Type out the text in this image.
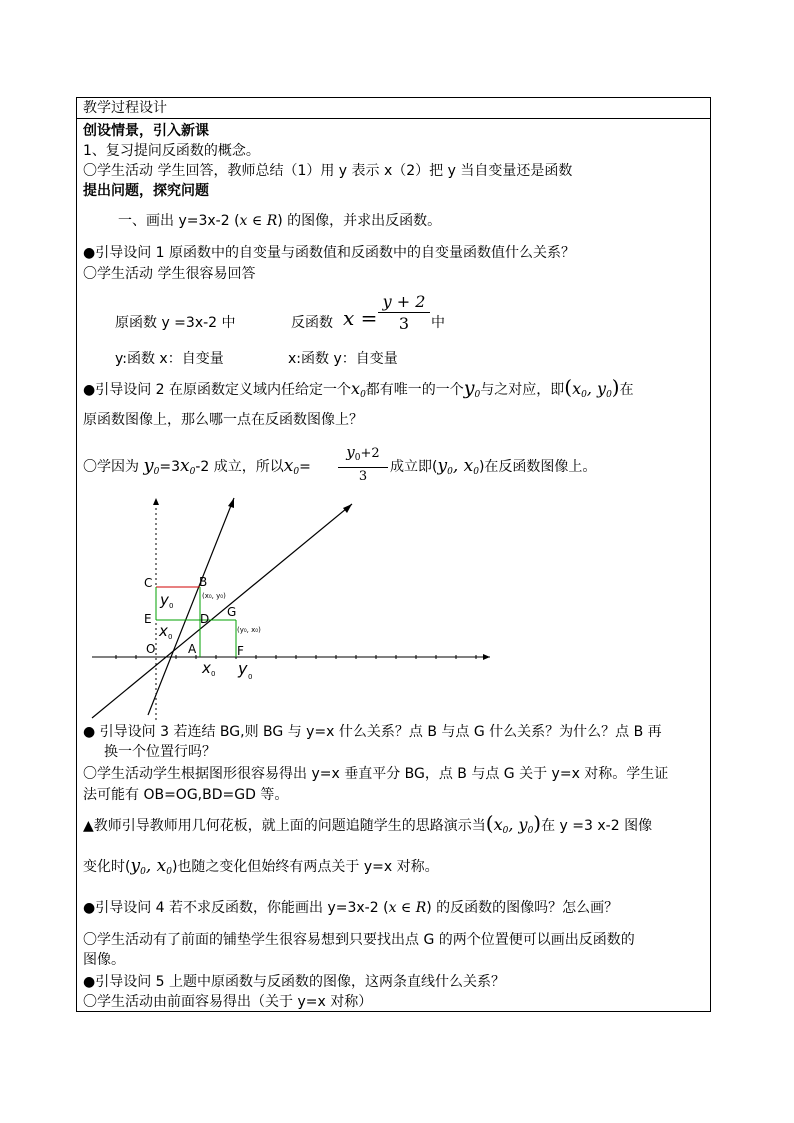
教学过程设计
创设情景，引入新课
1、复习提问反函数的概念。
〇学生活动 学生回答，教师总结（1）用 y 表示 x（2）把 y 当自变量还是函数
提出问题，探究问题
一、画出 y=3x-2 (x ∈ R) 的图像，并求出反函数。
●引导设问 1 原函数中的自变量与函数值和反函数中的自变量函数值什么关系？
〇学生活动 学生很容易回答
原函数 y =3x-2 中	反函数 $x = \frac{y + 2}{3}$ 中
y:函数 x：自变量	x:函数 y：自变量
●引导设问 2 在原函数定义域内任给定一个$x_0$都有唯一的一个$y_0$与之对应，即($x_0$, $y_0$)在
原函数图像上，那么哪一点在反函数图像上？
〇学因为 $y_0=3x_0-2$ 成立，所以$x_0= \frac{y_0+2}{3}$ 成立即($y_0$, $x_0$)在反函数图像上。
C	B
E	D G
O	A	F
(x₀, y₀)
(y₀, x₀)
y 0
x 0
x 0 y 0
● 引导设问 3 若连结 BG,则 BG 与 y=x 什么关系？点 B 与点 G 什么关系？为什么？点 B 再
换一个位置行吗？
〇学生活动学生根据图形很容易得出 y=x 垂直平分 BG，点 B 与点 G 关于 y=x 对称。学生证
法可能有 OB=OG,BD=GD 等。
▲教师引导教师用几何花板，就上面的问题追随学生的思路演示当($x_0$, $y_0$)在 y =3 x-2 图像
变化时($y_0$, $x_0$)也随之变化但始终有两点关于 y=x 对称。
●引导设问 4 若不求反函数，你能画出 y=3x-2 (x ∈ R) 的反函数的图像吗？怎么画？
〇学生活动有了前面的铺垫学生很容易想到只要找出点 G 的两个位置便可以画出反函数的
图像。
●引导设问 5 上题中原函数与反函数的图像，这两条直线什么关系？
〇学生活动由前面容易得出（关于 y=x 对称）
